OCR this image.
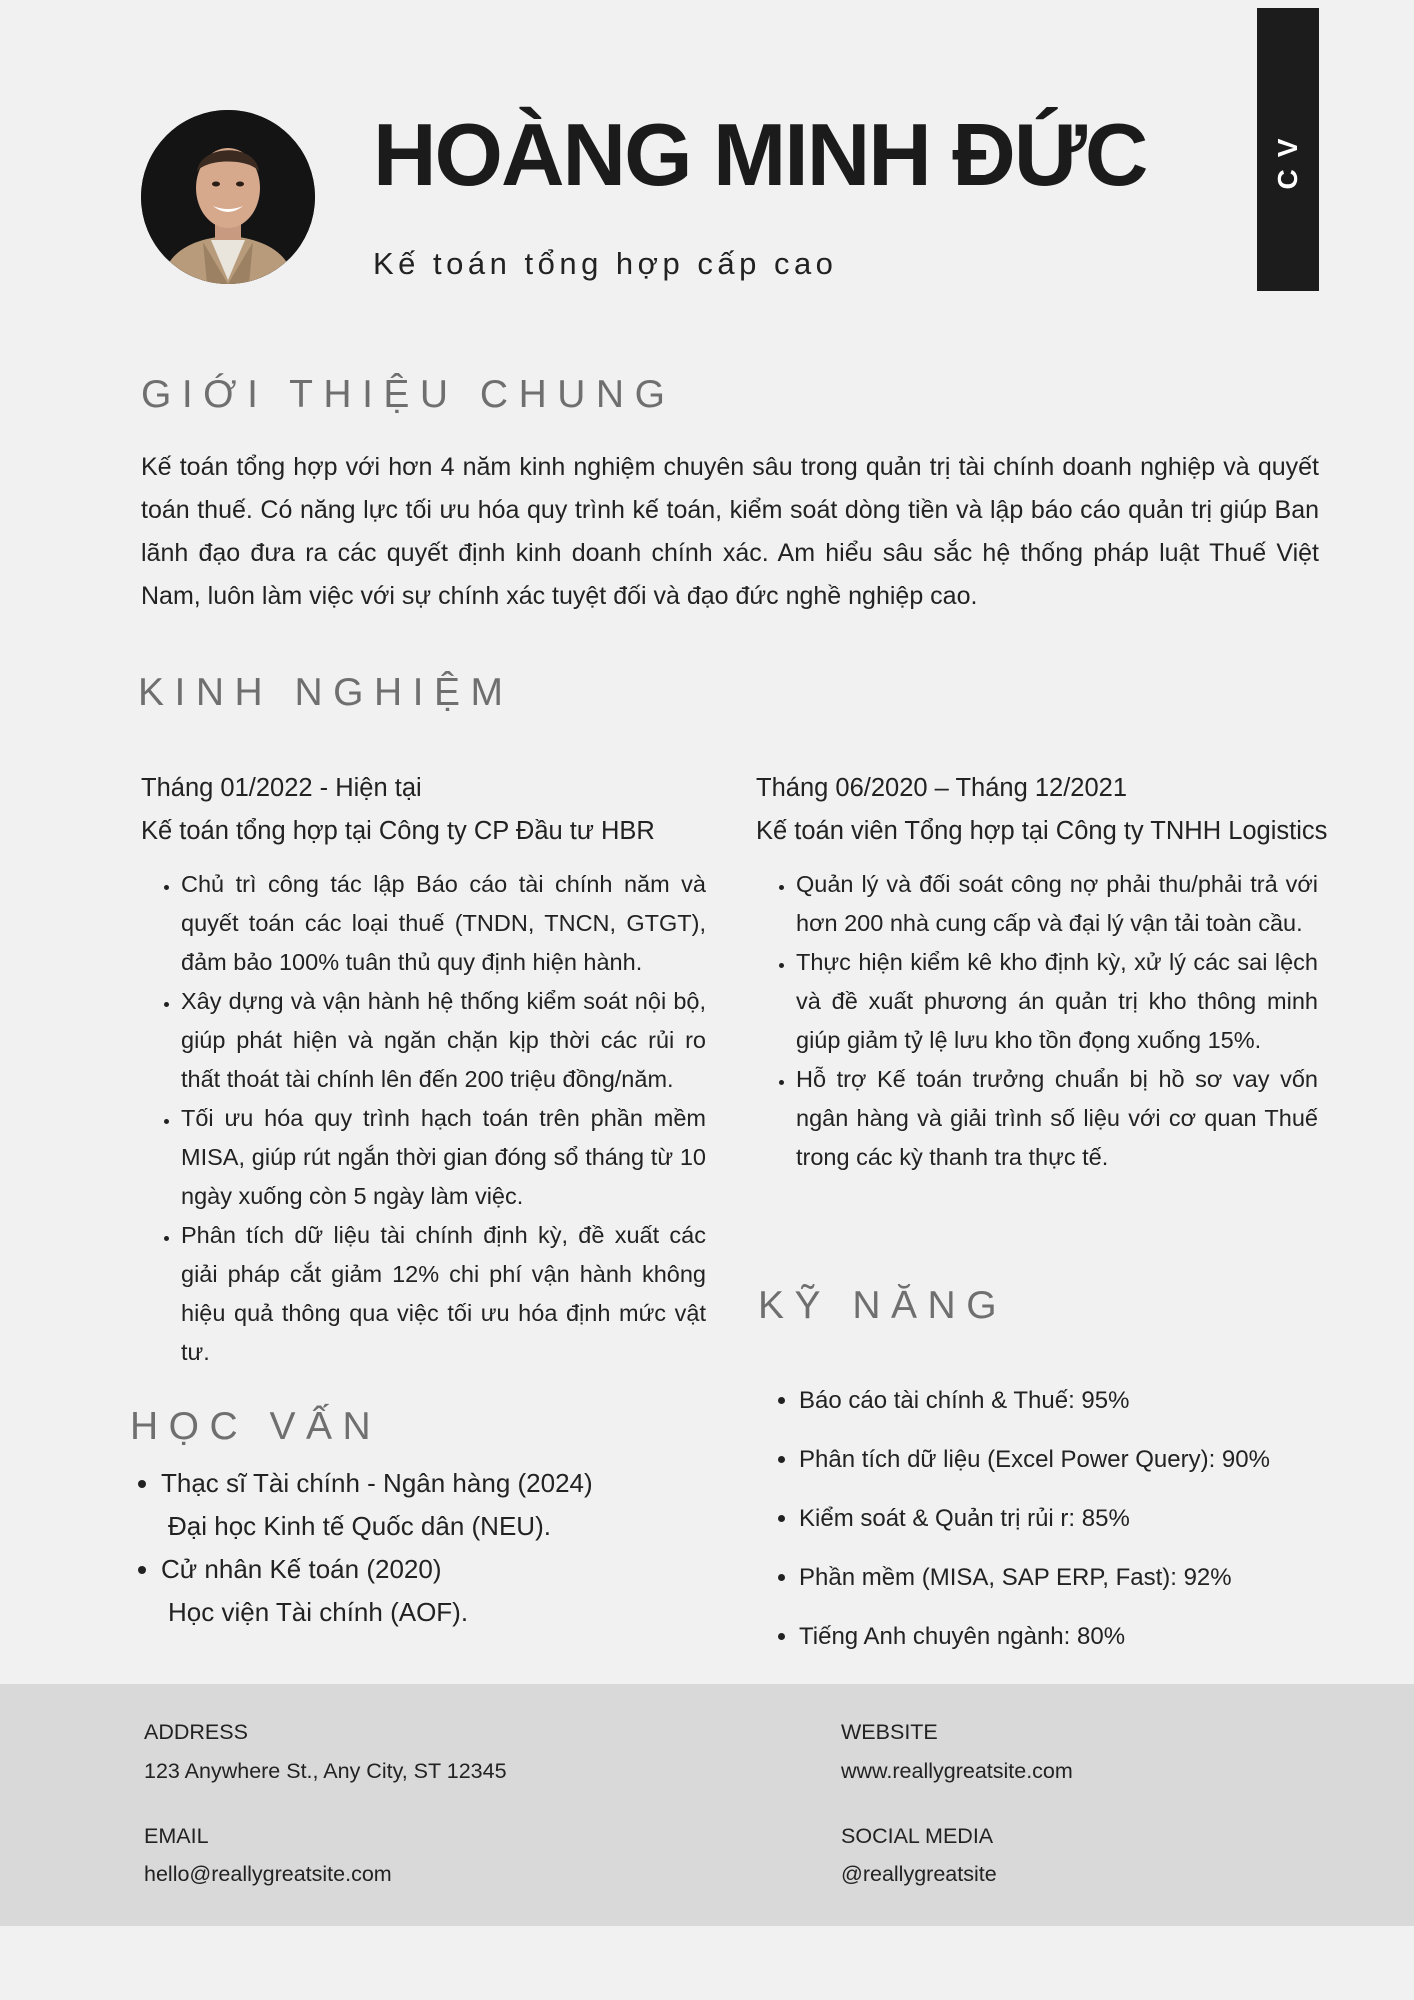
HOÀNG MINH ĐỨC

Kế toán tổng hợp cấp cao

CV
GIỚI THIỆU CHUNG

Kế toán tổng hợp với hơn 4 năm kinh nghiệm chuyên sâu trong quản trị tài chính doanh nghiệp và quyết toán thuế. Có năng lực tối ưu hóa quy trình kế toán, kiểm soát dòng tiền và lập báo cáo quản trị giúp Ban lãnh đạo đưa ra các quyết định kinh doanh chính xác. Am hiểu sâu sắc hệ thống pháp luật Thuế Việt Nam, luôn làm việc với sự chính xác tuyệt đối và đạo đức nghề nghiệp cao.

KINH NGHIỆM

Tháng 01/2022 - Hiện tại

Kế toán tổng hợp tại Công ty CP Đầu tư HBR

• Chủ trì công tác lập Báo cáo tài chính năm và quyết toán các loại thuế (TNDN, TNCN, GTGT), đảm bảo 100% tuân thủ quy định hiện hành.
• Xây dựng và vận hành hệ thống kiểm soát nội bộ, giúp phát hiện và ngăn chặn kịp thời các rủi ro thất thoát tài chính lên đến 200 triệu đồng/năm.
• Tối ưu hóa quy trình hạch toán trên phần mềm MISA, giúp rút ngắn thời gian đóng sổ tháng từ 10 ngày xuống còn 5 ngày làm việc.
• Phân tích dữ liệu tài chính định kỳ, đề xuất các giải pháp cắt giảm 12% chi phí vận hành không hiệu quả thông qua việc tối ưu hóa định mức vật tư.

Tháng 06/2020 – Tháng 12/2021

Kế toán viên Tổng hợp tại Công ty TNHH Logistics

• Quản lý và đối soát công nợ phải thu/phải trả với hơn 200 nhà cung cấp và đại lý vận tải toàn cầu.
• Thực hiện kiểm kê kho định kỳ, xử lý các sai lệch và đề xuất phương án quản trị kho thông minh giúp giảm tỷ lệ lưu kho tồn đọng xuống 15%.
• Hỗ trợ Kế toán trưởng chuẩn bị hồ sơ vay vốn ngân hàng và giải trình số liệu với cơ quan Thuế trong các kỳ thanh tra thực tế.
HỌC VẤN
• Thạc sĩ Tài chính - Ngân hàng (2024)
Đại học Kinh tế Quốc dân (NEU).
• Cử nhân Kế toán (2020)
Học viện Tài chính (AOF).
KỸ NĂNG
• Báo cáo tài chính & Thuế: 95%
• Phân tích dữ liệu (Excel Power Query): 90%
• Kiểm soát & Quản trị rủi r: 85%
• Phần mềm (MISA, SAP ERP, Fast): 92%
• Tiếng Anh chuyên ngành: 80%

ADDRESS

123 Anywhere St., Any City, ST 12345

EMAIL

hello@reallygreatsite.com

WEBSITE

www.reallygreatsite.com

SOCIAL MEDIA

@reallygreatsite
